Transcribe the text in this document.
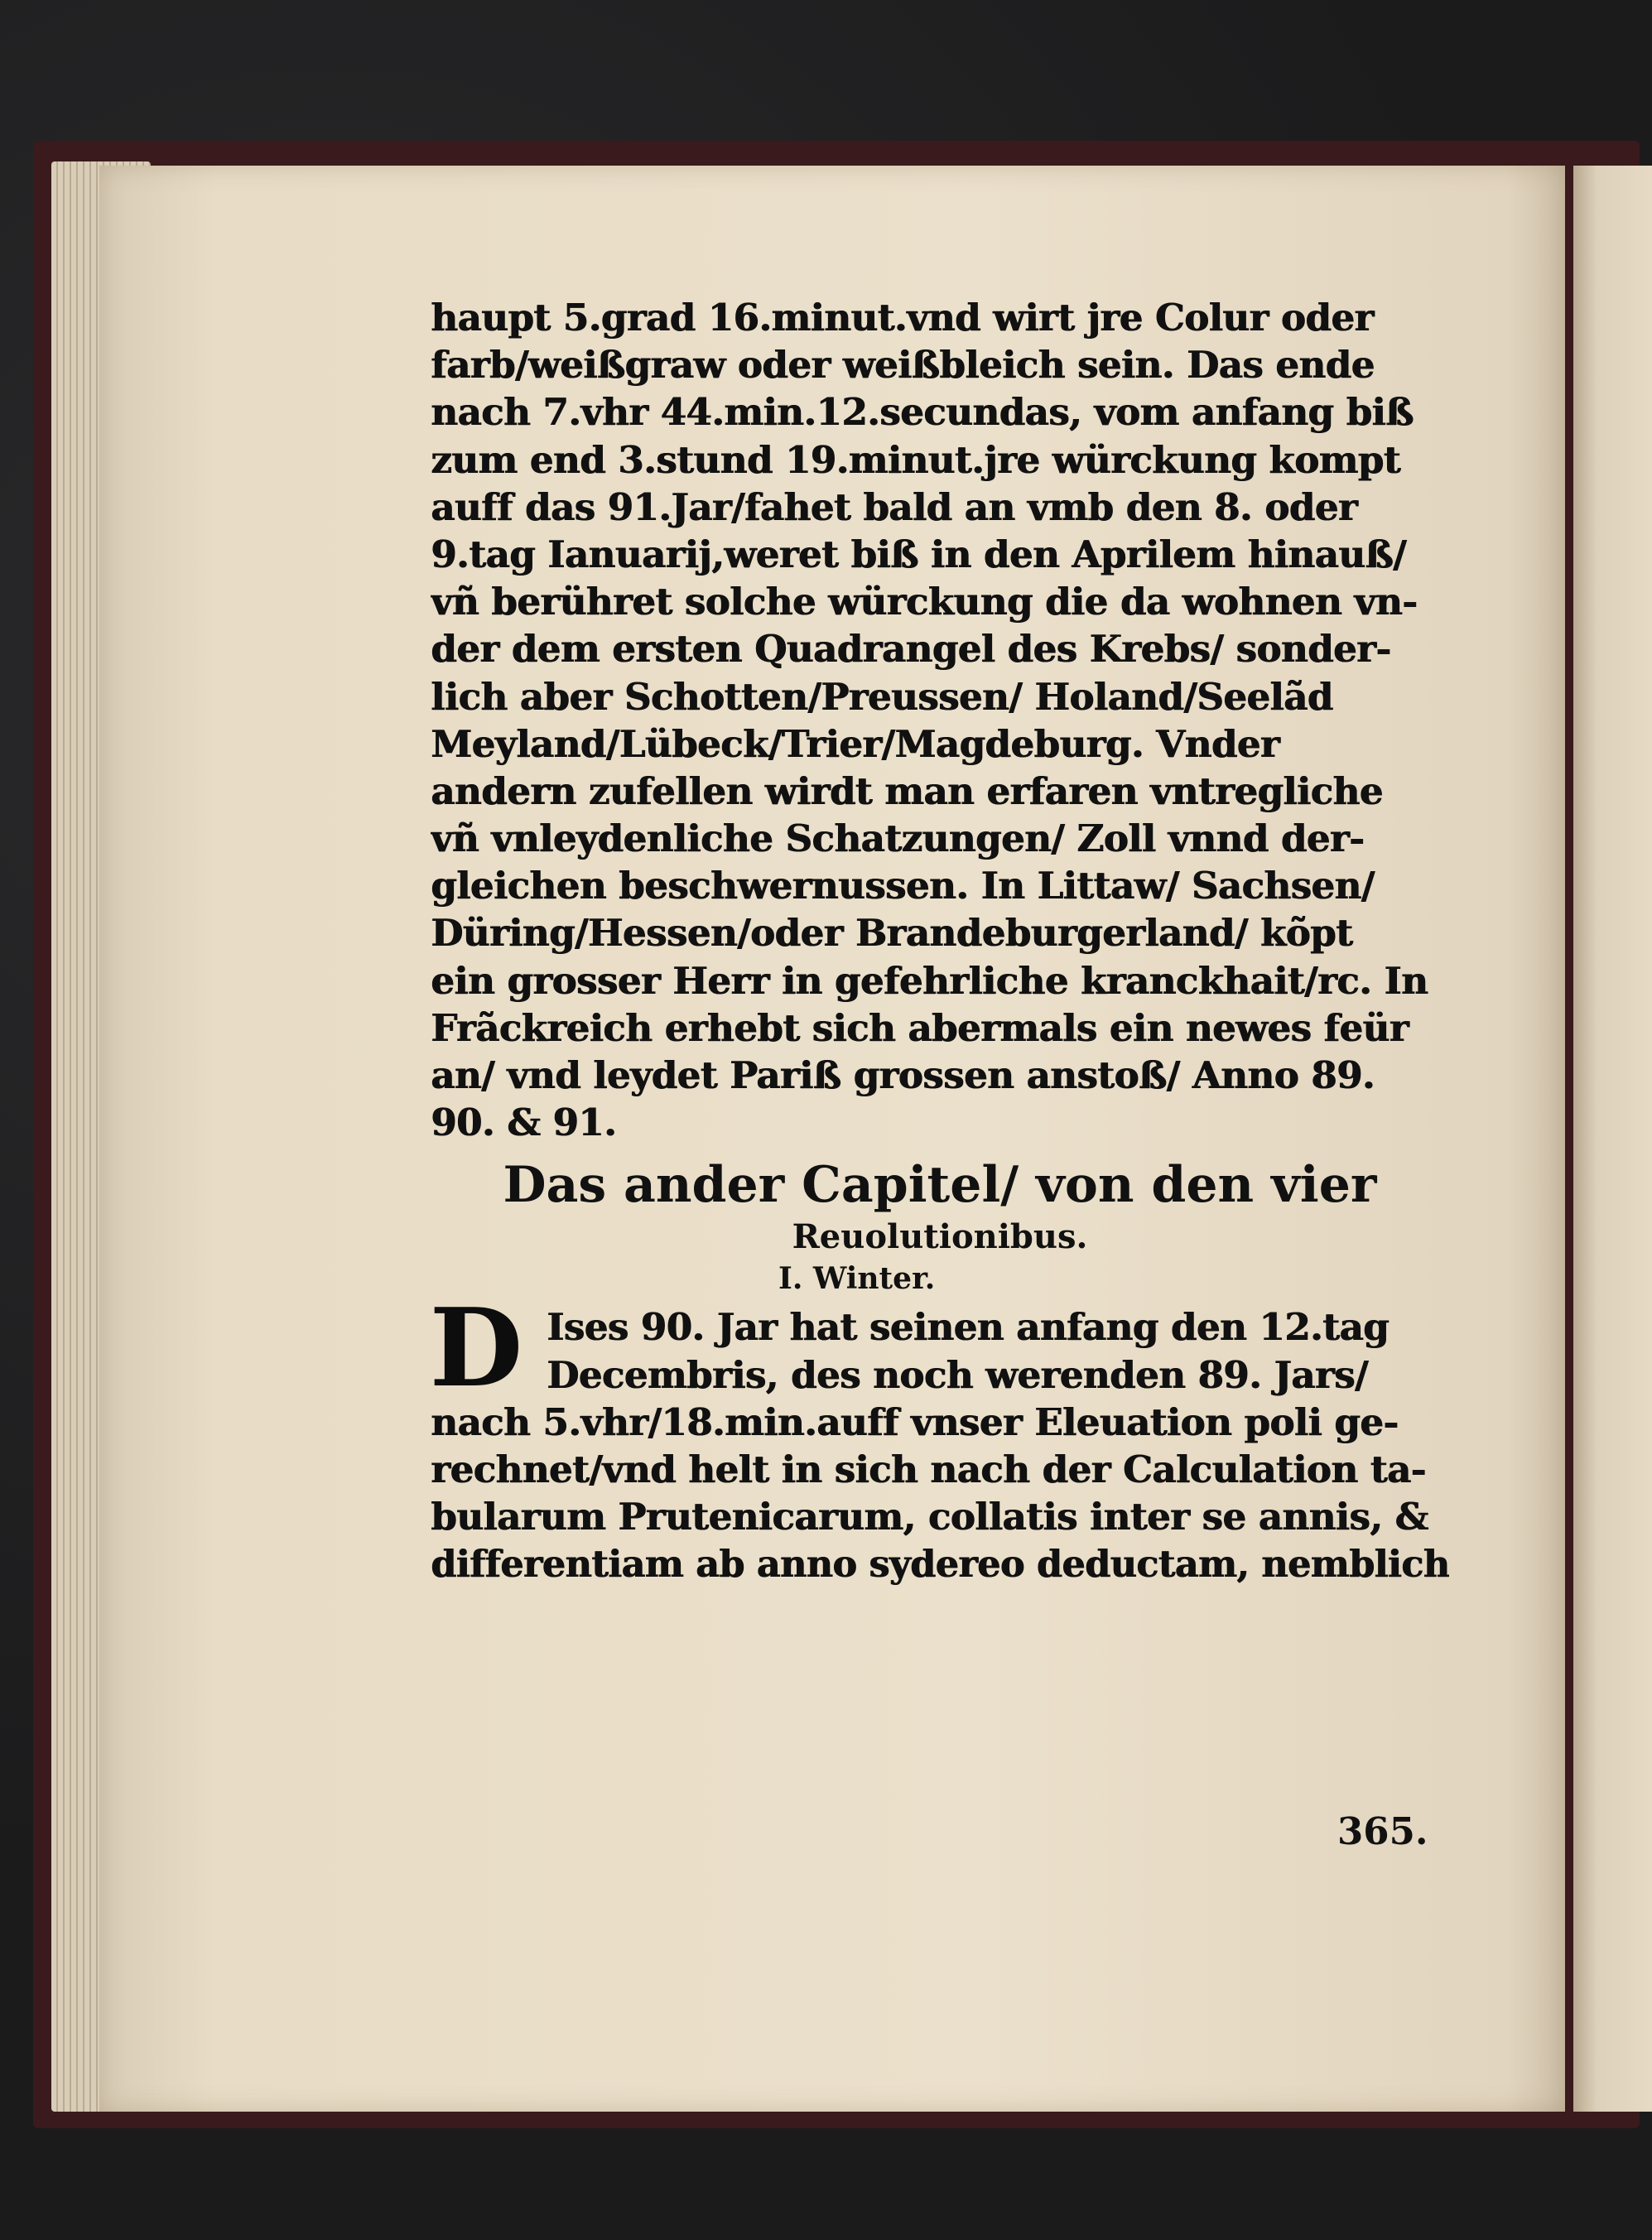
haupt 5.grad 16.minut.vnd wirt jre Colur oder
farb/weißgraw oder weißbleich sein. Das ende
nach 7.vhr 44.min.12.secundas, vom anfang biß
zum end 3.stund 19.minut.jre würckung kompt
auff das 91.Jar/fahet bald an vmb den 8. oder
9.tag Ianuarij,weret biß in den Aprilem hinauß/
vñ berühret solche würckung die da wohnen vn-
der dem ersten Quadrangel des Krebs/ sonder-
lich aber Schotten/Preussen/ Holand/Seelãd
Meyland/Lübeck/Trier/Magdeburg. Vnder
andern zufellen wirdt man erfaren vntregliche
vñ vnleydenliche Schatzungen/ Zoll vnnd der-
gleichen beschwernussen. In Littaw/ Sachsen/
Düring/Hessen/oder Brandeburgerland/ kõpt
ein grosser Herr in gefehrliche kranckhait/rc. In
Frãckreich erhebt sich abermals ein newes feür
an/ vnd leydet Pariß grossen anstoß/ Anno 89.
90. & 91.
Das ander Capitel/ von den vier
Reuolutionibus.
I. Winter.
D Ises 90. Jar hat seinen anfang den 12.tag
Decembris, des noch werenden 89. Jars/
nach 5.vhr/18.min.auff vnser Eleuation poli ge-
rechnet/vnd helt in sich nach der Calculation ta-
bularum Prutenicarum, collatis inter se annis, &
differentiam ab anno sydereo deductam, nemblich
365.
